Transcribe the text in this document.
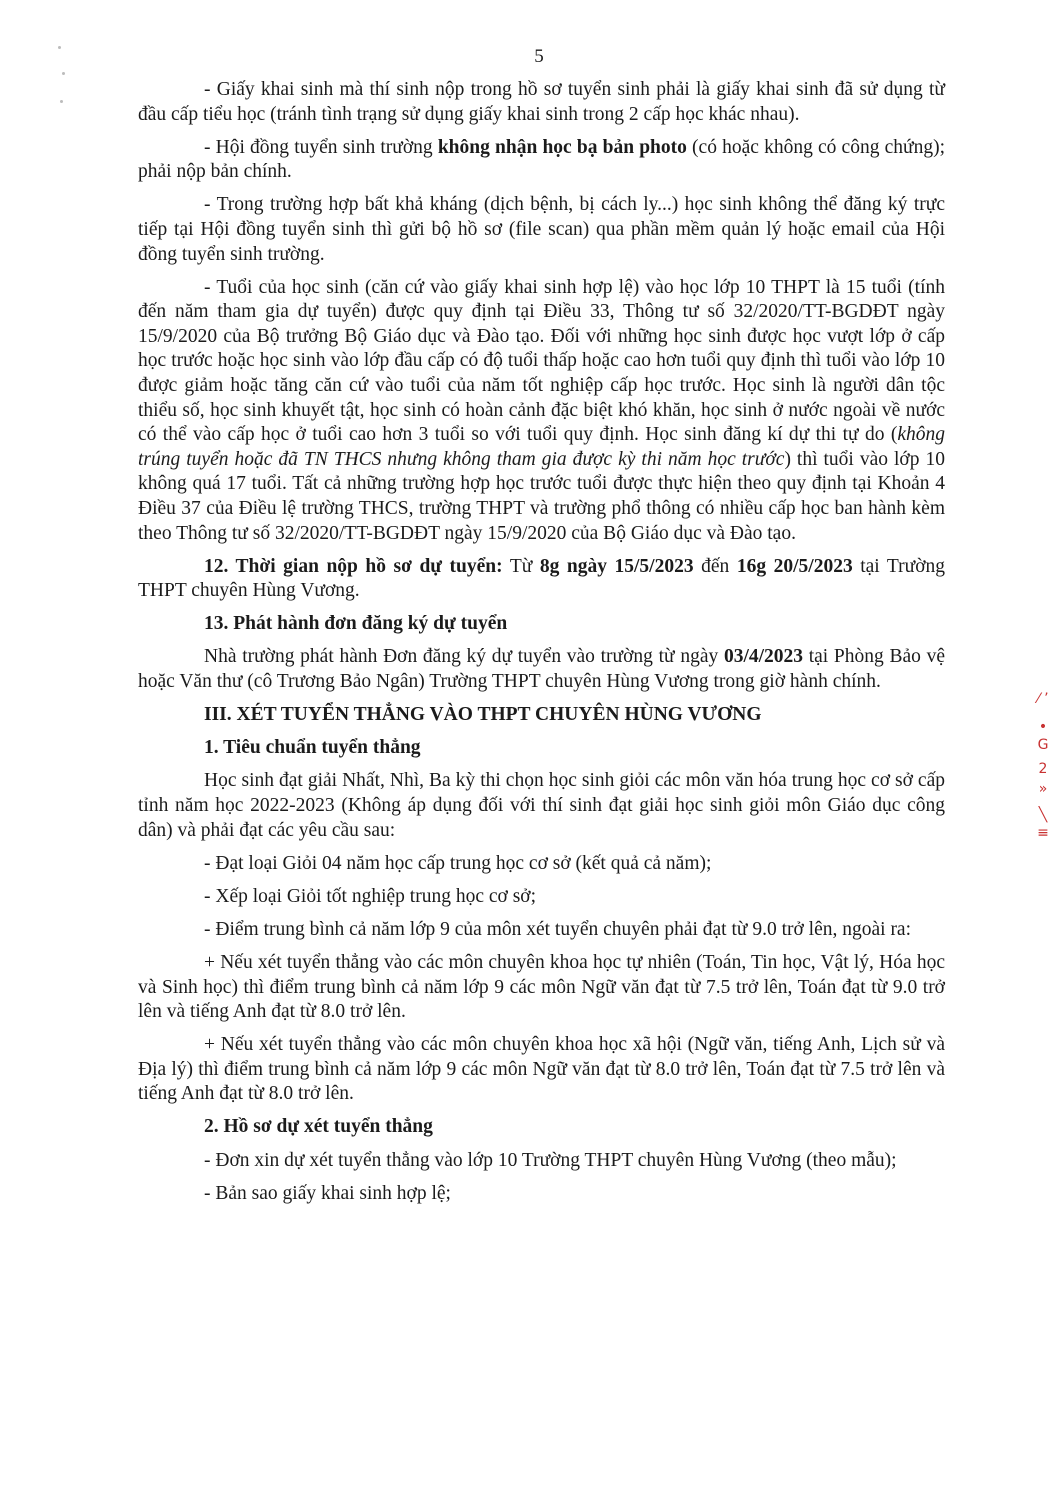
5

- Giấy khai sinh mà thí sinh nộp trong hồ sơ tuyển sinh phải là giấy khai sinh đã sử dụng từ đầu cấp tiểu học (tránh tình trạng sử dụng giấy khai sinh trong 2 cấp học khác nhau).

- Hội đồng tuyển sinh trường không nhận học bạ bản photo (có hoặc không có công chứng); phải nộp bản chính.

- Trong trường hợp bất khả kháng (dịch bệnh, bị cách ly...) học sinh không thể đăng ký trực tiếp tại Hội đồng tuyển sinh thì gửi bộ hồ sơ (file scan) qua phần mềm quản lý hoặc email của Hội đồng tuyển sinh trường.

- Tuổi của học sinh (căn cứ vào giấy khai sinh hợp lệ) vào học lớp 10 THPT là 15 tuổi (tính đến năm tham gia dự tuyển) được quy định tại Điều 33, Thông tư số 32/2020/TT-BGDĐT ngày 15/9/2020 của Bộ trưởng Bộ Giáo dục và Đào tạo. Đối với những học sinh được học vượt lớp ở cấp học trước hoặc học sinh vào lớp đầu cấp có độ tuổi thấp hoặc cao hơn tuổi quy định thì tuổi vào lớp 10 được giảm hoặc tăng căn cứ vào tuổi của năm tốt nghiệp cấp học trước. Học sinh là người dân tộc thiểu số, học sinh khuyết tật, học sinh có hoàn cảnh đặc biệt khó khăn, học sinh ở nước ngoài về nước có thể vào cấp học ở tuổi cao hơn 3 tuổi so với tuổi quy định. Học sinh đăng kí dự thi tự do (không trúng tuyển hoặc đã TN THCS nhưng không tham gia được kỳ thi năm học trước) thì tuổi vào lớp 10 không quá 17 tuổi. Tất cả những trường hợp học trước tuổi được thực hiện theo quy định tại Khoản 4 Điều 37 của Điều lệ trường THCS, trường THPT và trường phổ thông có nhiều cấp học ban hành kèm theo Thông tư số 32/2020/TT-BGDĐT ngày 15/9/2020 của Bộ Giáo dục và Đào tạo.

12. Thời gian nộp hồ sơ dự tuyển: Từ 8g ngày 15/5/2023 đến 16g 20/5/2023 tại Trường THPT chuyên Hùng Vương.

13. Phát hành đơn đăng ký dự tuyển

Nhà trường phát hành Đơn đăng ký dự tuyển vào trường từ ngày 03/4/2023 tại Phòng Bảo vệ hoặc Văn thư (cô Trương Bảo Ngân) Trường THPT chuyên Hùng Vương trong giờ hành chính.

III. XÉT TUYỂN THẲNG VÀO THPT CHUYÊN HÙNG VƯƠNG

1. Tiêu chuẩn tuyển thẳng

Học sinh đạt giải Nhất, Nhì, Ba kỳ thi chọn học sinh giỏi các môn văn hóa trung học cơ sở cấp tỉnh năm học 2022-2023 (Không áp dụng đối với thí sinh đạt giải học sinh giỏi môn Giáo dục công dân) và phải đạt các yêu cầu sau:

- Đạt loại Giỏi 04 năm học cấp trung học cơ sở (kết quả cả năm);

- Xếp loại Giỏi tốt nghiệp trung học cơ sở;

- Điểm trung bình cả năm lớp 9 của môn xét tuyển chuyên phải đạt từ 9.0 trở lên, ngoài ra:

+ Nếu xét tuyển thẳng vào các môn chuyên khoa học tự nhiên (Toán, Tin học, Vật lý, Hóa học và Sinh học) thì điểm trung bình cả năm lớp 9 các môn Ngữ văn đạt từ 7.5 trở lên, Toán đạt từ 9.0 trở lên và tiếng Anh đạt từ 8.0 trở lên.

+ Nếu xét tuyển thẳng vào các môn chuyên khoa học xã hội (Ngữ văn, tiếng Anh, Lịch sử và Địa lý) thì điểm trung bình cả năm lớp 9 các môn Ngữ văn đạt từ 8.0 trở lên, Toán đạt từ 7.5 trở lên và tiếng Anh đạt từ 8.0 trở lên.

2. Hồ sơ dự xét tuyển thẳng

- Đơn xin dự xét tuyển thẳng vào lớp 10 Trường THPT chuyên Hùng Vương (theo mẫu);

- Bản sao giấy khai sinh hợp lệ;

⁄ ’
•
G
2
»
╲
≡
